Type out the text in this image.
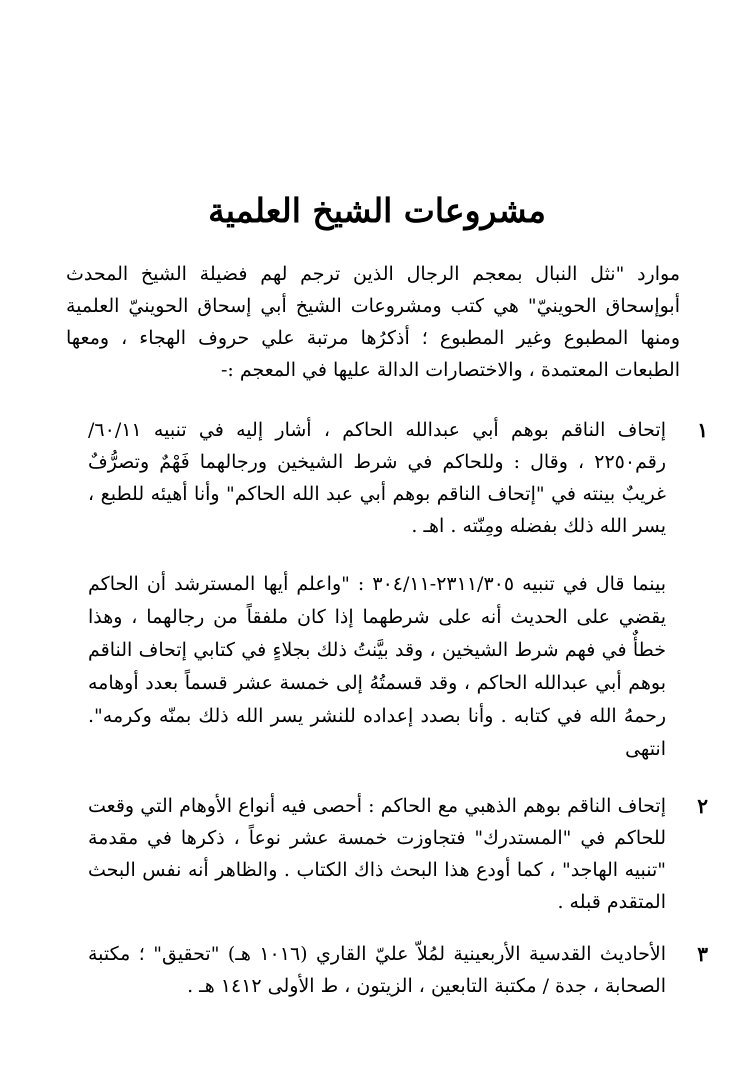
مشروعات الشيخ العلمية
موارد "نثل النبال بمعجم الرجال الذين ترجم لهم فضيلة الشيخ المحدث أبوإسحاق الحوينيّ" هي كتب ومشروعات الشيخ أبي إسحاق الحوينيّ العلمية ومنها المطبوع وغير المطبوع ؛ أذكرُها مرتبة علي حروف الهجاء ، ومعها الطبعات المعتمدة ، والاختصارات الدالة عليها في المعجم :-
١
إتحاف الناقم بوهم أبي عبدالله الحاكم ، أشار إليه في تنبيه ٦٠/١١/رقم٢٢٥٠ ، وقال : وللحاكم في شرط الشيخين ورجالهما فَهْمٌ وتصرُّفٌ غريبٌ بينته في "إتحاف الناقم بوهم أبي عبد الله الحاكم" وأنا أهيئه للطبع ، يسر الله ذلك بفضله ومِنّته . اهـ .
بينما قال في تنبيه ٢٣١١/٣٠٥-٣٠٤/١١ : "واعلم أيها المسترشد أن الحاكم يقضي على الحديث أنه على شرطهما إذا كان ملفقاً من رجالهما ، وهذا خطأٌ في فهم شرط الشيخين ، وقد بيَّنتُ ذلك بجلاءٍ في كتابي إتحاف الناقم بوهم أبي عبدالله الحاكم ، وقد قسمتُهُ إلى خمسة عشر قسماً بعدد أوهامه رحمهُ الله في كتابه . وأنا بصدد إعداده للنشر يسر الله ذلك بمنّه وكرمه". انتهى
٢
إتحاف الناقم بوهم الذهبي مع الحاكم : أحصى فيه أنواع الأوهام التي وقعت للحاكم في "المستدرك" فتجاوزت خمسة عشر نوعاً ، ذكرها في مقدمة "تنبيه الهاجد" ، كما أودع هذا البحث ذاك الكتاب . والظاهر أنه نفس البحث المتقدم قبله .
٣
الأحاديث القدسية الأربعينية لمُلاّ عليّ القاري (١٠١٦ هـ) "تحقيق" ؛ مكتبة الصحابة ، جدة / مكتبة التابعين ، الزيتون ، ط الأولى ١٤١٢ هـ .
